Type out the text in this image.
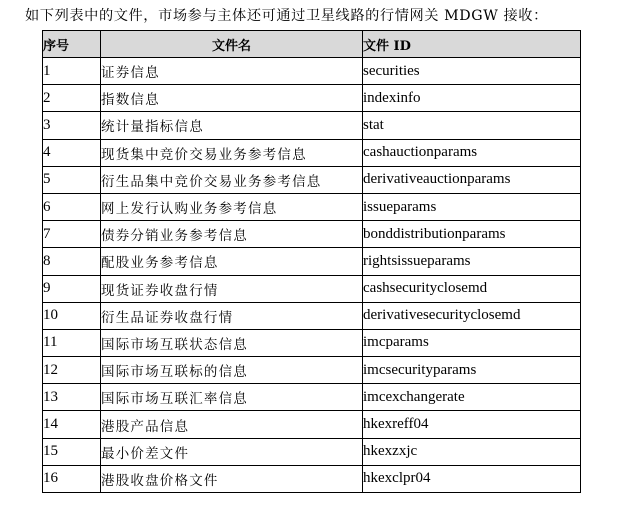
如下列表中的文件，市场参与主体还可通过卫星线路的行情网关 MDGW 接收：
序号	文件名	文件 ID
1	证券信息	securities
2	指数信息	indexinfo
3	统计量指标信息	stat
4	现货集中竞价交易业务参考信息	cashauctionparams
5	衍生品集中竞价交易业务参考信息	derivativeauctionparams
6	网上发行认购业务参考信息	issueparams
7	债券分销业务参考信息	bonddistributionparams
8	配股业务参考信息	rightsissueparams
9	现货证券收盘行情	cashsecurityclosemd
10	衍生品证券收盘行情	derivativesecurityclosemd
11	国际市场互联状态信息	imcparams
12	国际市场互联标的信息	imcsecurityparams
13	国际市场互联汇率信息	imcexchangerate
14	港股产品信息	hkexreff04
15	最小价差文件	hkexzxjc
16	港股收盘价格文件	hkexclpr04
